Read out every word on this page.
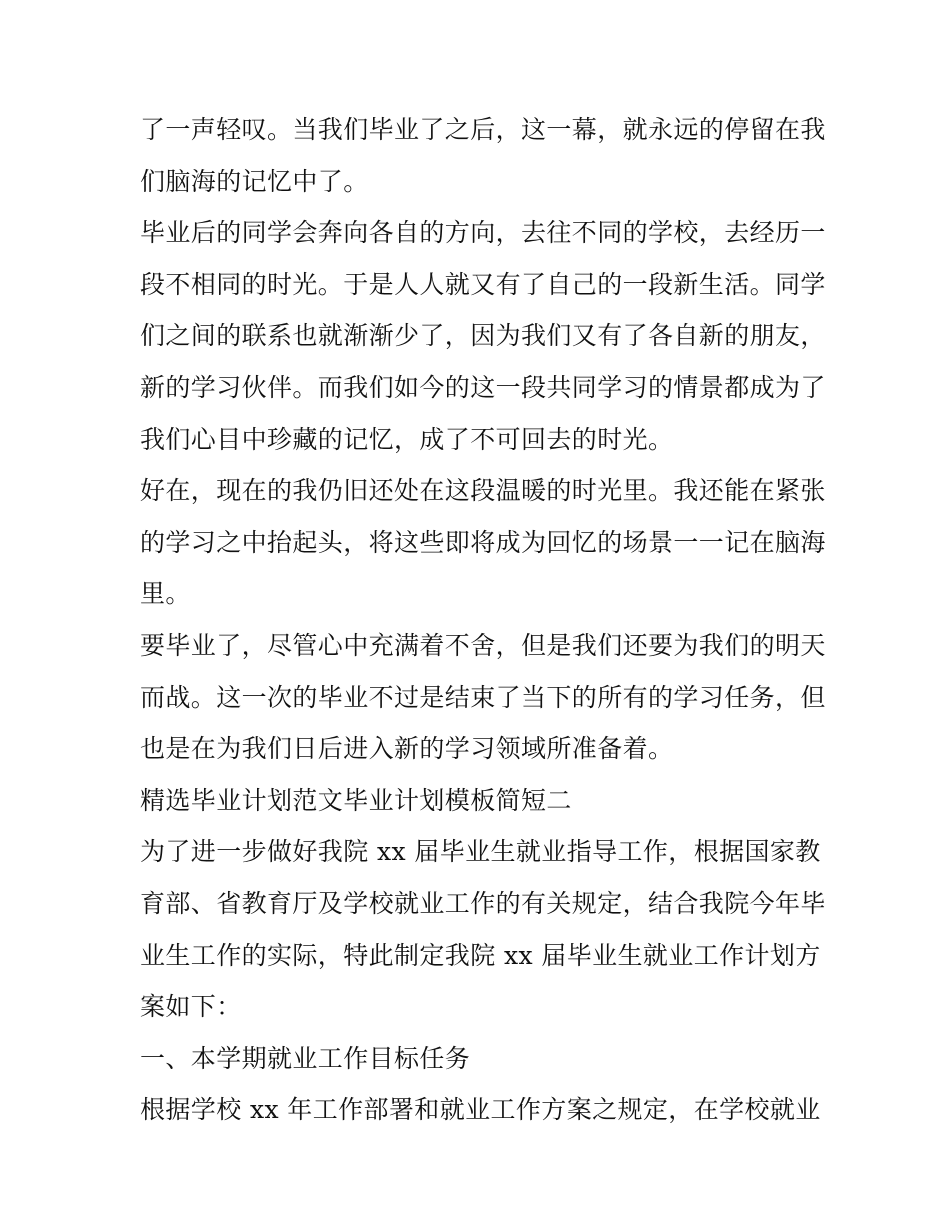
了一声轻叹。当我们毕业了之后，这一幕，就永远的停留在我
们脑海的记忆中了。
毕业后的同学会奔向各自的方向，去往不同的学校，去经历一
段不相同的时光。于是人人就又有了自己的一段新生活。同学
们之间的联系也就渐渐少了，因为我们又有了各自新的朋友，
新的学习伙伴。而我们如今的这一段共同学习的情景都成为了
我们心目中珍藏的记忆，成了不可回去的时光。
好在，现在的我仍旧还处在这段温暖的时光里。我还能在紧张
的学习之中抬起头，将这些即将成为回忆的场景一一记在脑海
里。
要毕业了，尽管心中充满着不舍，但是我们还要为我们的明天
而战。这一次的毕业不过是结束了当下的所有的学习任务，但
也是在为我们日后进入新的学习领域所准备着。
精选毕业计划范文毕业计划模板简短二
为了进一步做好我院 xx 届毕业生就业指导工作，根据国家教
育部、省教育厅及学校就业工作的有关规定，结合我院今年毕
业生工作的实际，特此制定我院 xx 届毕业生就业工作计划方
案如下：
一、本学期就业工作目标任务
根据学校 xx 年工作部署和就业工作方案之规定，在学校就业
